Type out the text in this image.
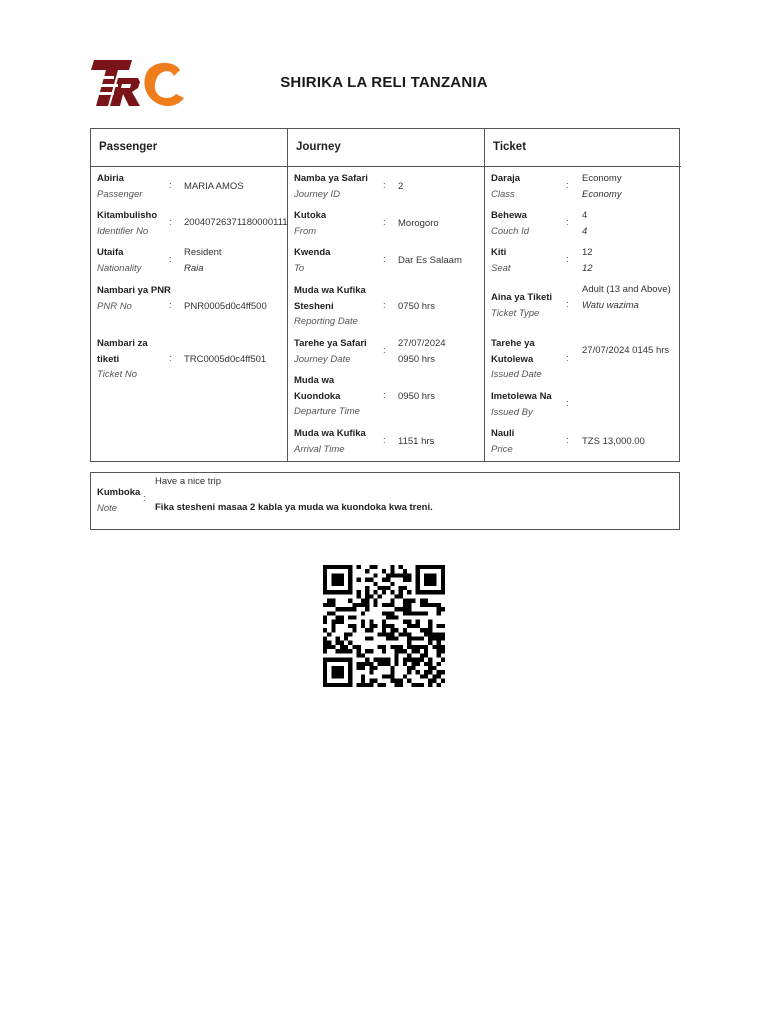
SHIRIKA LA RELI TANZANIA
Passenger
Abiria
Passenger
: MARIA AMOS
Kitambulisho
Identifier No
: 20040726371180000111
Utaifa
Nationality
:
Resident
Raia
Nambari ya PNR
PNR No	: PNR0005d0c4ff500
Nambari za tiketi
Ticket No
: TRC0005d0c4ff501
Journey
Namba ya Safari
Journey ID
: 2
Kutoka
From
: Morogoro
Kwenda
To
: Dar Es Salaam
Muda wa Kufika Stesheni
Reporting Date
: 0750 hrs
Tarehe ya Safari
Journey Date
:
27/07/2024 0950 hrs
Muda wa Kuondoka
Departure Time
: 0950 hrs
Muda wa Kufika
Arrival Time
: 1151 hrs
Ticket
Daraja
Class
:
Economy
Economy
Behewa
Couch Id
:
4
4
Kiti
Seat
:
12
12
Aina ya Tiketi
Ticket Type
:
Adult (13 and Above)
Watu wazima
Tarehe ya Kutolewa
Issued Date
:
27/07/2024 0145 hrs
Imetolewa Na
Issued By
:
Nauli
Price
: TZS 13,000.00
Kumboka
Note
:
Have a nice trip
Fika stesheni masaa 2 kabla ya muda wa kuondoka kwa treni.
